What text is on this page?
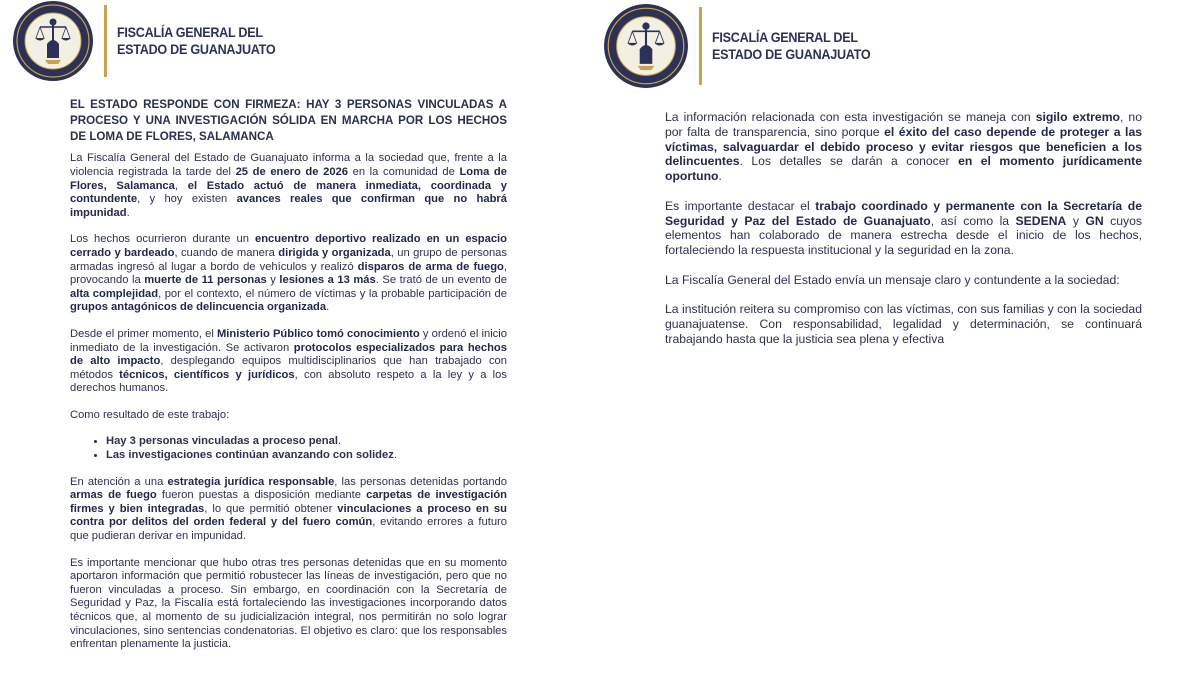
FISCALÍA GENERAL DEL
ESTADO DE GUANAJUATO
EL ESTADO RESPONDE CON FIRMEZA: HAY 3 PERSONAS VINCULADAS A PROCESO Y UNA INVESTIGACIÓN SÓLIDA EN MARCHA POR LOS HECHOS DE LOMA DE FLORES, SALAMANCA

La Fiscalía General del Estado de Guanajuato informa a la sociedad que, frente a la violencia registrada la tarde del 25 de enero de 2026 en la comunidad de Loma de Flores, Salamanca, el Estado actuó de manera inmediata, coordinada y contundente, y hoy existen avances reales que confirman que no habrá impunidad.

Los hechos ocurrieron durante un encuentro deportivo realizado en un espacio cerrado y bardeado, cuando de manera dirigida y organizada, un grupo de personas armadas ingresó al lugar a bordo de vehículos y realizó disparos de arma de fuego, provocando la muerte de 11 personas y lesiones a 13 más. Se trató de un evento de alta complejidad, por el contexto, el número de víctimas y la probable participación de grupos antagónicos de delincuencia organizada.

Desde el primer momento, el Ministerio Público tomó conocimiento y ordenó el inicio inmediato de la investigación. Se activaron protocolos especializados para hechos de alto impacto, desplegando equipos multidisciplinarios que han trabajado con métodos técnicos, científicos y jurídicos, con absoluto respeto a la ley y a los derechos humanos.

Como resultado de este trabajo:

• Hay 3 personas vinculadas a proceso penal.
• Las investigaciones continúan avanzando con solidez.

En atención a una estrategia jurídica responsable, las personas detenidas portando armas de fuego fueron puestas a disposición mediante carpetas de investigación firmes y bien integradas, lo que permitió obtener vinculaciones a proceso en su contra por delitos del orden federal y del fuero común, evitando errores a futuro que pudieran derivar en impunidad.

Es importante mencionar que hubo otras tres personas detenidas que en su momento aportaron información que permitió robustecer las líneas de investigación, pero que no fueron vinculadas a proceso. Sin embargo, en coordinación con la Secretaría de Seguridad y Paz, la Fiscalía está fortaleciendo las investigaciones incorporando datos técnicos que, al momento de su judicialización integral, nos permitirán no solo lograr vinculaciones, sino sentencias condenatorias. El objetivo es claro: que los responsables enfrentan plenamente la justicia.

FISCALÍA GENERAL DEL
ESTADO DE GUANAJUATO

La información relacionada con esta investigación se maneja con sigilo extremo, no por falta de transparencia, sino porque el éxito del caso depende de proteger a las víctimas, salvaguardar el debido proceso y evitar riesgos que beneficien a los delincuentes. Los detalles se darán a conocer en el momento jurídicamente oportuno.

Es importante destacar el trabajo coordinado y permanente con la Secretaría de Seguridad y Paz del Estado de Guanajuato, así como la SEDENA y GN cuyos elementos han colaborado de manera estrecha desde el inicio de los hechos, fortaleciendo la respuesta institucional y la seguridad en la zona.

La Fiscalía General del Estado envía un mensaje claro y contundente a la sociedad:

La institución reitera su compromiso con las víctimas, con sus familias y con la sociedad guanajuatense. Con responsabilidad, legalidad y determinación, se continuará trabajando hasta que la justicia sea plena y efectiva
